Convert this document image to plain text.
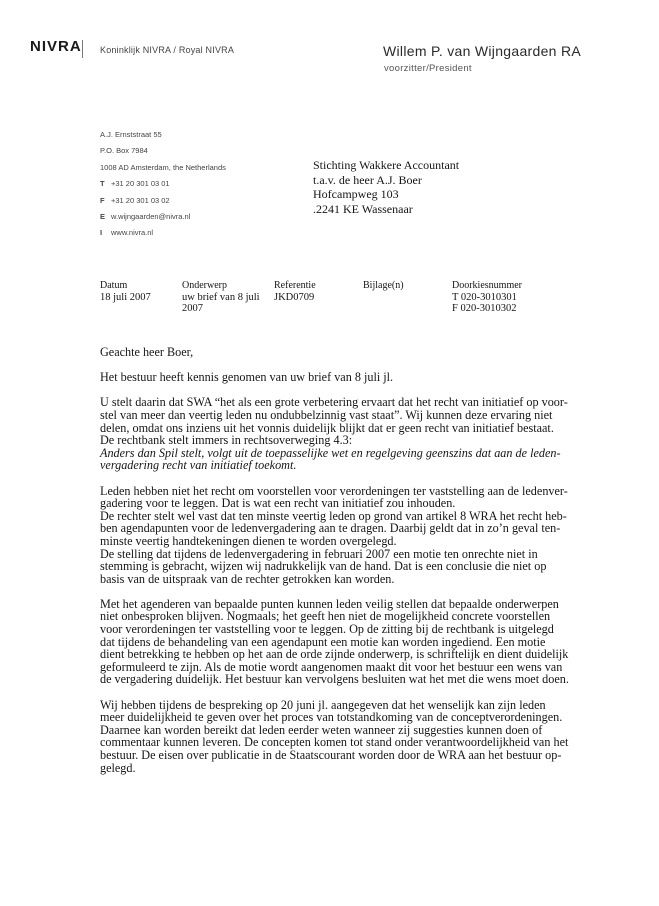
NIVRA Koninklijk NIVRA / Royal NIVRA	Willem P. van Wijngaarden RA
voorzitter/President
A.J. Ernststraat 55
P.O. Box 7984
1008 AD Amsterdam, the Netherlands
T +31 20 301 03 01
F +31 20 301 03 02
E w.wijngaarden@nivra.nl
I www.nivra.nl
Stichting Wakkere Accountant
t.a.v. de heer A.J. Boer
Hofcampweg 103
.2241 KE Wassenaar
Datum
18 juli 2007
Onderwerp
uw brief van 8 juli
2007
Referentie
JKD0709
Bijlage(n)	Doorkiesnummer
T 020-3010301
F 020-3010302

Geachte heer Boer,

Het bestuur heeft kennis genomen van uw brief van 8 juli jl.

U stelt daarin dat SWA “het als een grote verbetering ervaart dat het recht van initiatief op voor-
stel van meer dan veertig leden nu ondubbelzinnig vast staat”. Wij kunnen deze ervaring niet
delen, omdat ons inziens uit het vonnis duidelijk blijkt dat er geen recht van initiatief bestaat.
De rechtbank stelt immers in rechtsoverweging 4.3:
Anders dan Spil stelt, volgt uit de toepasselijke wet en regelgeving geenszins dat aan de leden-
vergadering recht van initiatief toekomt.

Leden hebben niet het recht om voorstellen voor verordeningen ter vaststelling aan de ledenver-
gadering voor te leggen. Dat is wat een recht van initiatief zou inhouden.
De rechter stelt wel vast dat ten minste veertig leden op grond van artikel 8 WRA het recht heb-
ben agendapunten voor de ledenvergadering aan te dragen. Daarbij geldt dat in zo’n geval ten-
minste veertig handtekeningen dienen te worden overgelegd.
De stelling dat tijdens de ledenvergadering in februari 2007 een motie ten onrechte niet in
stemming is gebracht, wijzen wij nadrukkelijk van de hand. Dat is een conclusie die niet op
basis van de uitspraak van de rechter getrokken kan worden.

Met het agenderen van bepaalde punten kunnen leden veilig stellen dat bepaalde onderwerpen
niet onbesproken blijven. Nogmaals; het geeft hen niet de mogelijkheid concrete voorstellen
voor verordeningen ter vaststelling voor te leggen. Op de zitting bij de rechtbank is uitgelegd
dat tijdens de behandeling van een agendapunt een motie kan worden ingediend. Een motie
dient betrekking te hebben op het aan de orde zijnde onderwerp, is schriftelijk en dient duidelijk
geformuleerd te zijn. Als de motie wordt aangenomen maakt dit voor het bestuur een wens van
de vergadering duidelijk. Het bestuur kan vervolgens besluiten wat het met die wens moet doen.

Wij hebben tijdens de bespreking op 20 juni jl. aangegeven dat het wenselijk kan zijn leden
meer duidelijkheid te geven over het proces van totstandkoming van de conceptverordeningen.
Daarnee kan worden bereikt dat leden eerder weten wanneer zij suggesties kunnen doen of
commentaar kunnen leveren. De concepten komen tot stand onder verantwoordelijkheid van het
bestuur. De eisen over publicatie in de Staatscourant worden door de WRA aan het bestuur op-
gelegd.
